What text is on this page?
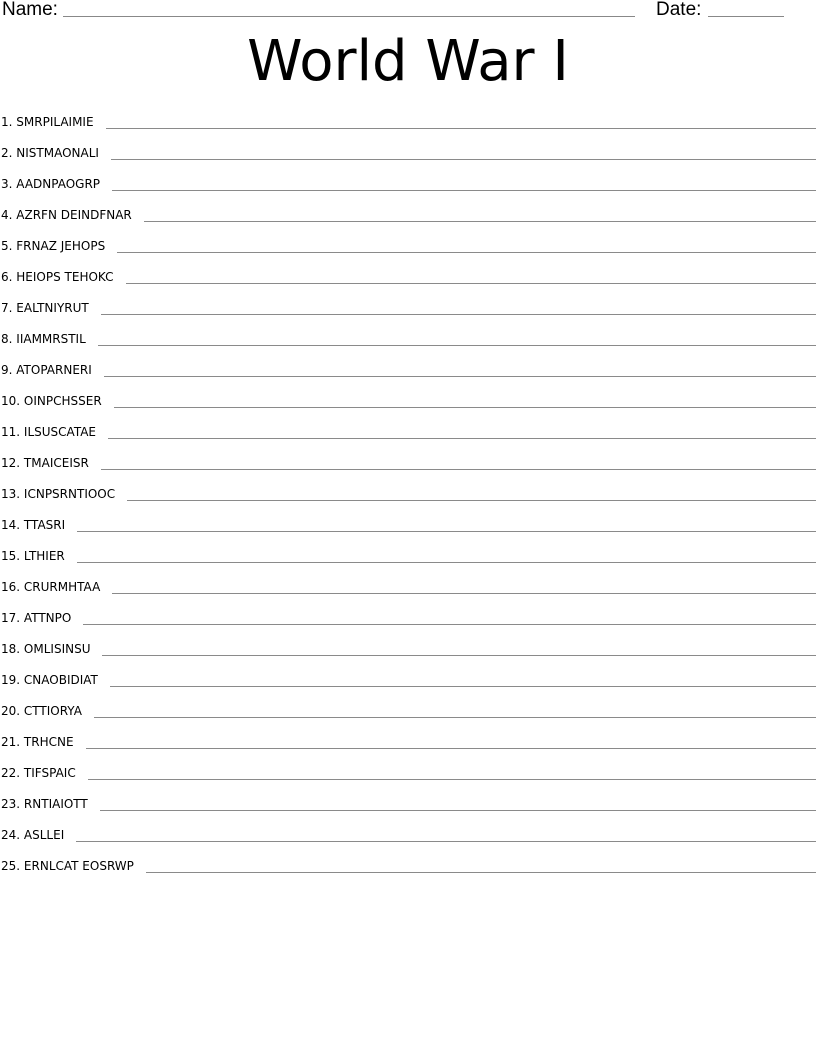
Name:	Date:
World War I
1. SMRPILAIMIE
2. NISTMAONALI
3. AADNPAOGRP
4. AZRFN DEINDFNAR
5. FRNAZ JEHOPS
6. HEIOPS TEHOKC
7. EALTNIYRUT
8. IIAMMRSTIL
9. ATOPARNERI
10. OINPCHSSER
11. ILSUSCATAE
12. TMAICEISR
13. ICNPSRNTIOOC
14. TTASRI
15. LTHIER
16. CRURMHTAA
17. ATTNPO
18. OMLISINSU
19. CNAOBIDIAT
20. CTTIORYA
21. TRHCNE
22. TIFSPAIC
23. RNTIAIOTT
24. ASLLEI
25. ERNLCAT EOSRWP
